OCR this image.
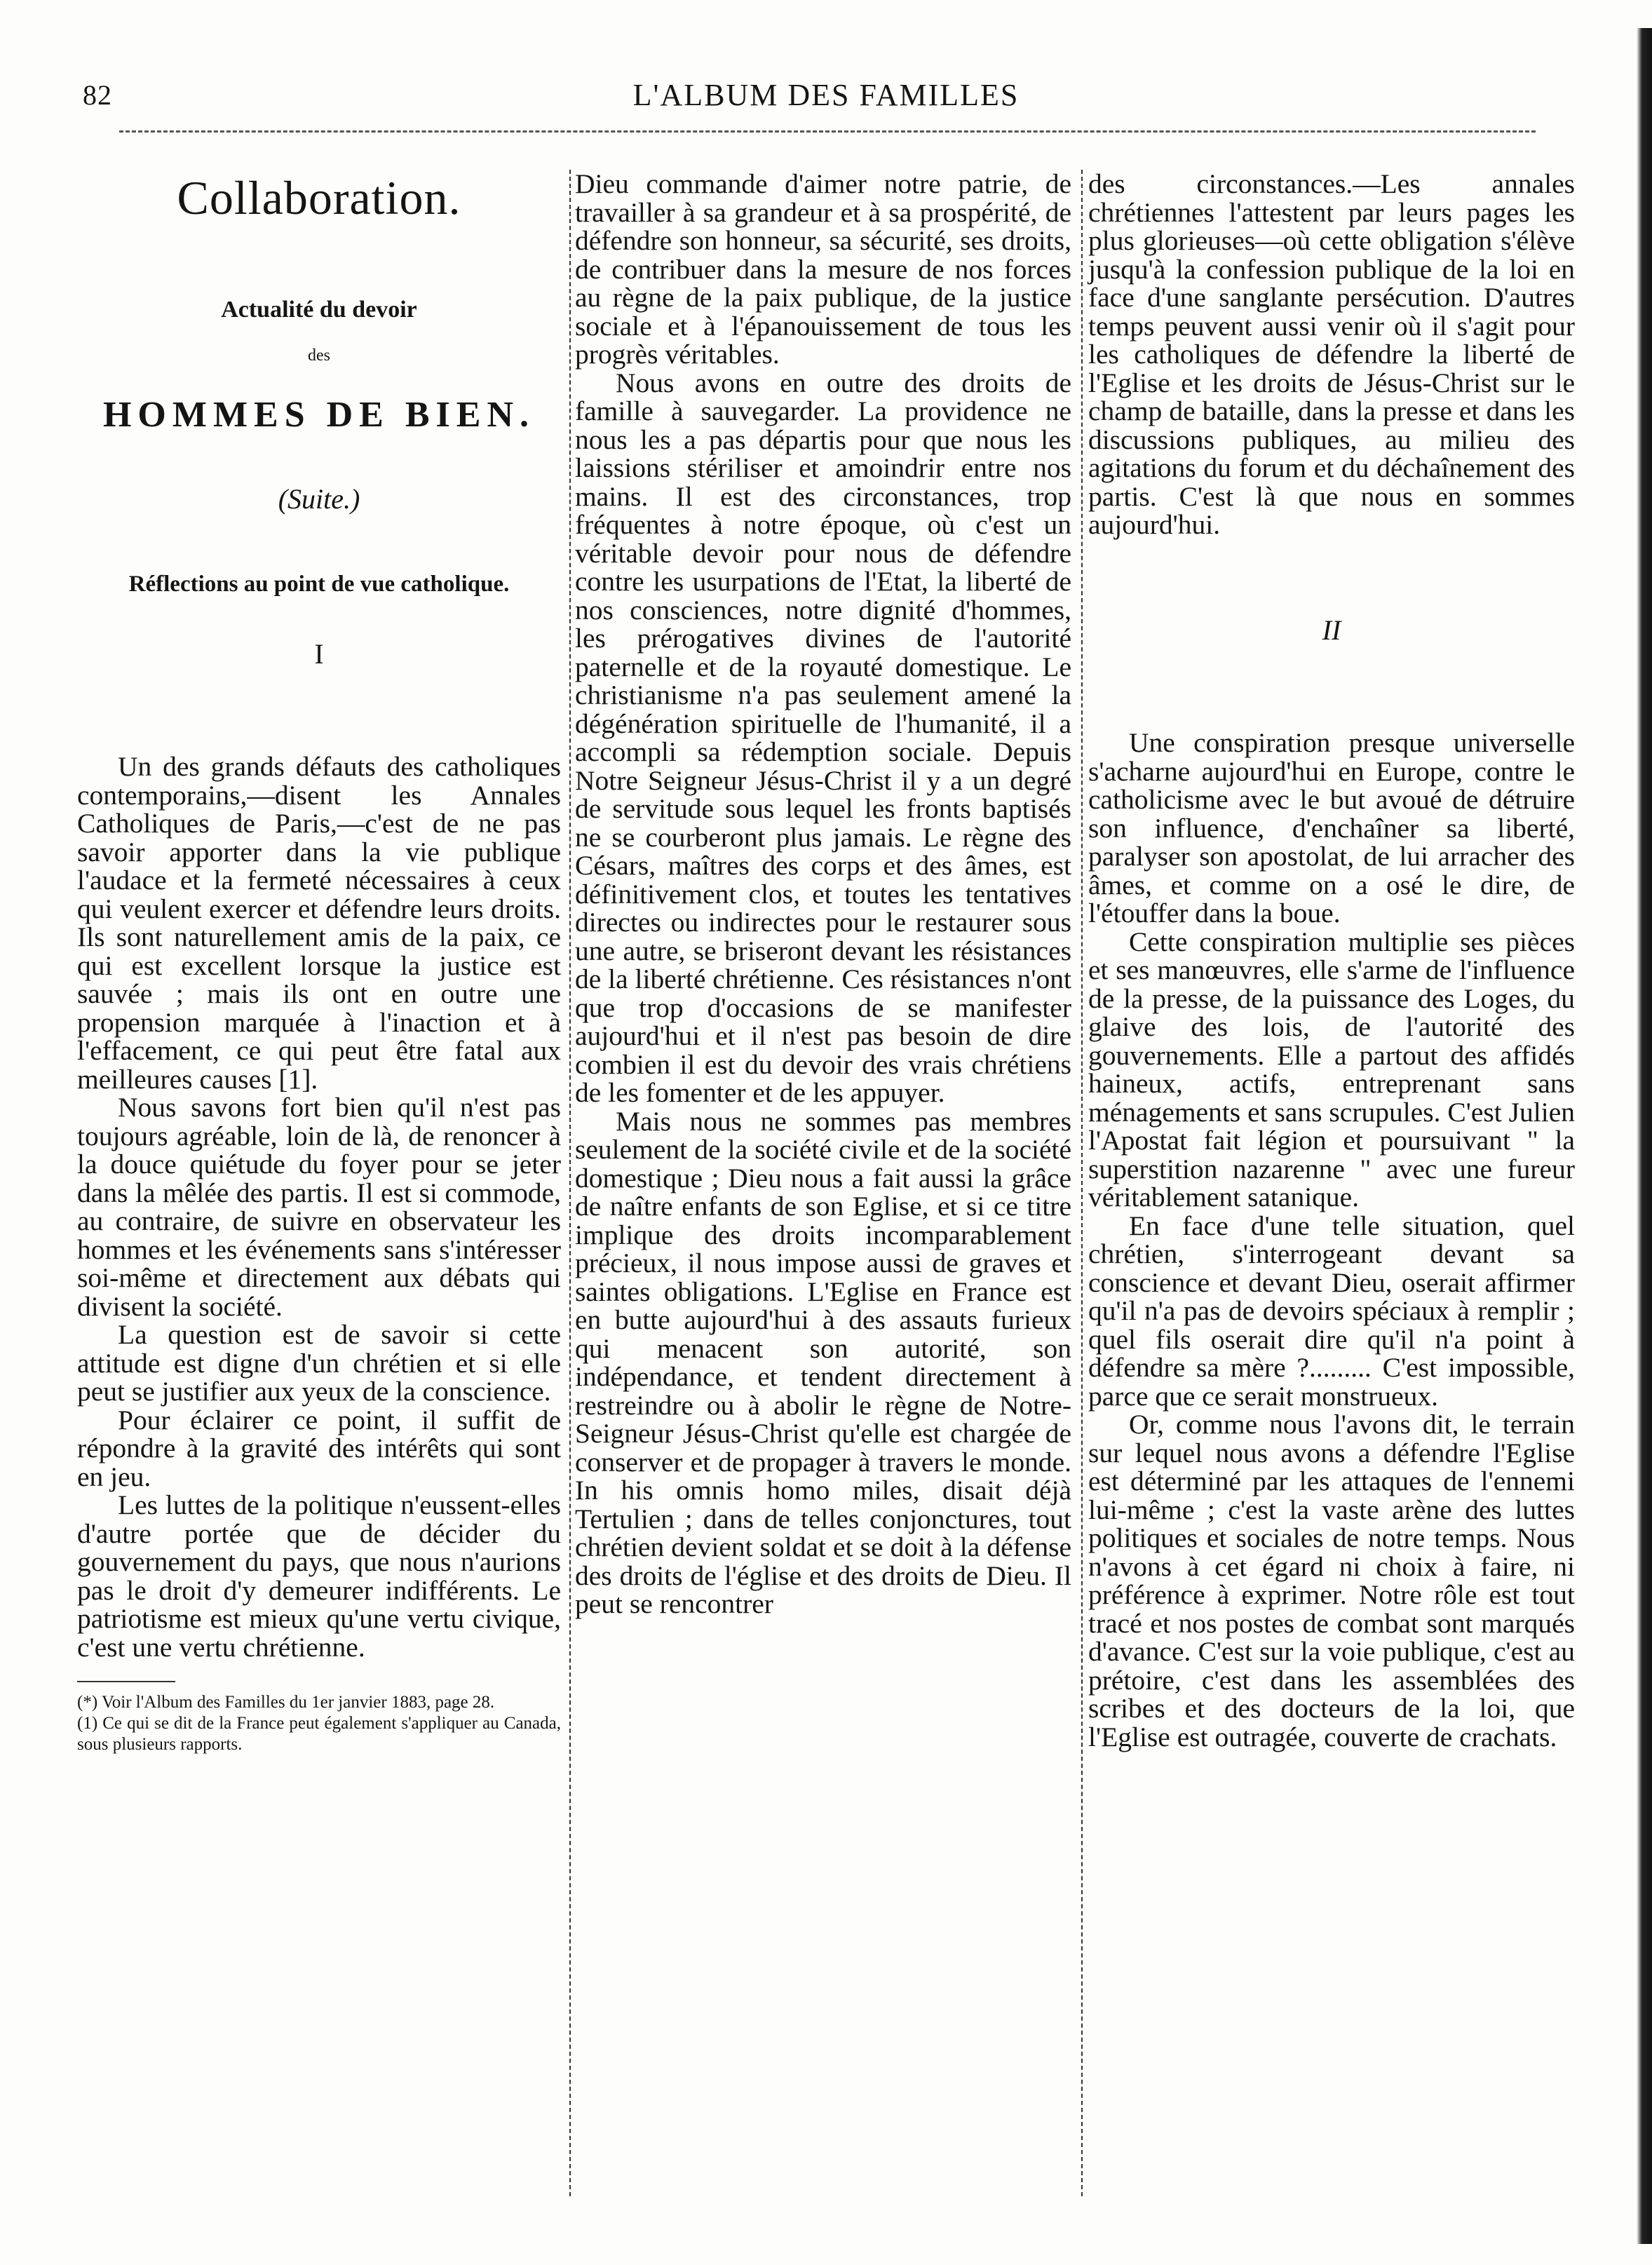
82	L'ALBUM DES FAMILLES
Collaboration.
Actualité du devoir
des
HOMMES DE BIEN.
(Suite.)
Réflections au point de vue catholique.
I

Un des grands défauts des catholiques contemporains,—disent les Annales Catholiques de Paris,—c'est de ne pas savoir apporter dans la vie publique l'audace et la fermeté nécessaires à ceux qui veulent exercer et défendre leurs droits. Ils sont naturellement amis de la paix, ce qui est excellent lorsque la justice est sauvée ; mais ils ont en outre une propension marquée à l'inaction et à l'effacement, ce qui peut être fatal aux meilleures causes [1].

Nous savons fort bien qu'il n'est pas toujours agréable, loin de là, de renoncer à la douce quiétude du foyer pour se jeter dans la mêlée des partis. Il est si commode, au contraire, de suivre en observateur les hommes et les événements sans s'intéresser soi-même et directement aux débats qui divisent la société.

La question est de savoir si cette attitude est digne d'un chrétien et si elle peut se justifier aux yeux de la conscience.

Pour éclairer ce point, il suffit de répondre à la gravité des intérêts qui sont en jeu.

Les luttes de la politique n'eussent-elles d'autre portée que de décider du gouvernement du pays, que nous n'aurions pas le droit d'y demeurer indifférents. Le patriotisme est mieux qu'une vertu civique, c'est une vertu chrétienne.

(*) Voir l'Album des Familles du 1er janvier 1883, page 28.

(1) Ce qui se dit de la France peut également s'appliquer au Canada, sous plusieurs rapports.

Dieu commande d'aimer notre patrie, de travailler à sa grandeur et à sa prospérité, de défendre son honneur, sa sécurité, ses droits, de contribuer dans la mesure de nos forces au règne de la paix publique, de la justice sociale et à l'épanouissement de tous les progrès véritables.

Nous avons en outre des droits de famille à sauvegarder. La providence ne nous les a pas départis pour que nous les laissions stériliser et amoindrir entre nos mains. Il est des circonstances, trop fréquentes à notre époque, où c'est un véritable devoir pour nous de défendre contre les usurpations de l'Etat, la liberté de nos consciences, notre dignité d'hommes, les prérogatives divines de l'autorité paternelle et de la royauté domestique. Le christianisme n'a pas seulement amené la dégénération spirituelle de l'humanité, il a accompli sa rédemption sociale. Depuis Notre Seigneur Jésus-Christ il y a un degré de servitude sous lequel les fronts baptisés ne se courberont plus jamais. Le règne des Césars, maîtres des corps et des âmes, est définitivement clos, et toutes les tentatives directes ou indirectes pour le restaurer sous une autre, se briseront devant les résistances de la liberté chrétienne. Ces résistances n'ont que trop d'occasions de se manifester aujourd'hui et il n'est pas besoin de dire combien il est du devoir des vrais chrétiens de les fomenter et de les appuyer.

Mais nous ne sommes pas membres seulement de la société civile et de la société domestique ; Dieu nous a fait aussi la grâce de naître enfants de son Eglise, et si ce titre implique des droits incomparablement précieux, il nous impose aussi de graves et saintes obligations. L'Eglise en France est en butte aujourd'hui à des assauts furieux qui menacent son autorité, son indépendance, et tendent directement à restreindre ou à abolir le règne de Notre-Seigneur Jésus-Christ qu'elle est chargée de conserver et de propager à travers le monde. In his omnis homo miles, disait déjà Tertulien ; dans de telles conjonctures, tout chrétien devient soldat et se doit à la défense des droits de l'église et des droits de Dieu. Il peut se rencontrer

des circonstances.—Les annales chrétiennes l'attestent par leurs pages les plus glorieuses—où cette obligation s'élève jusqu'à la confession publique de la loi en face d'une sanglante persécution. D'autres temps peuvent aussi venir où il s'agit pour les catholiques de défendre la liberté de l'Eglise et les droits de Jésus-Christ sur le champ de bataille, dans la presse et dans les discussions publiques, au milieu des agitations du forum et du déchaînement des partis. C'est là que nous en sommes aujourd'hui.

II

Une conspiration presque universelle s'acharne aujourd'hui en Europe, contre le catholicisme avec le but avoué de détruire son influence, d'enchaîner sa liberté, paralyser son apostolat, de lui arracher des âmes, et comme on a osé le dire, de l'étouffer dans la boue.

Cette conspiration multiplie ses pièces et ses manœuvres, elle s'arme de l'influence de la presse, de la puissance des Loges, du glaive des lois, de l'autorité des gouvernements. Elle a partout des affidés haineux, actifs, entreprenant sans ménagements et sans scrupules. C'est Julien l'Apostat fait légion et poursuivant " la superstition nazarenne " avec une fureur véritablement satanique.

En face d'une telle situation, quel chrétien, s'interrogeant devant sa conscience et devant Dieu, oserait affirmer qu'il n'a pas de devoirs spéciaux à remplir ; quel fils oserait dire qu'il n'a point à défendre sa mère ?......... C'est impossible, parce que ce serait monstrueux.

Or, comme nous l'avons dit, le terrain sur lequel nous avons a défendre l'Eglise est déterminé par les attaques de l'ennemi lui-même ; c'est la vaste arène des luttes politiques et sociales de notre temps. Nous n'avons à cet égard ni choix à faire, ni préférence à exprimer. Notre rôle est tout tracé et nos postes de combat sont marqués d'avance. C'est sur la voie publique, c'est au prétoire, c'est dans les assemblées des scribes et des docteurs de la loi, que l'Eglise est outragée, couverte de crachats.
